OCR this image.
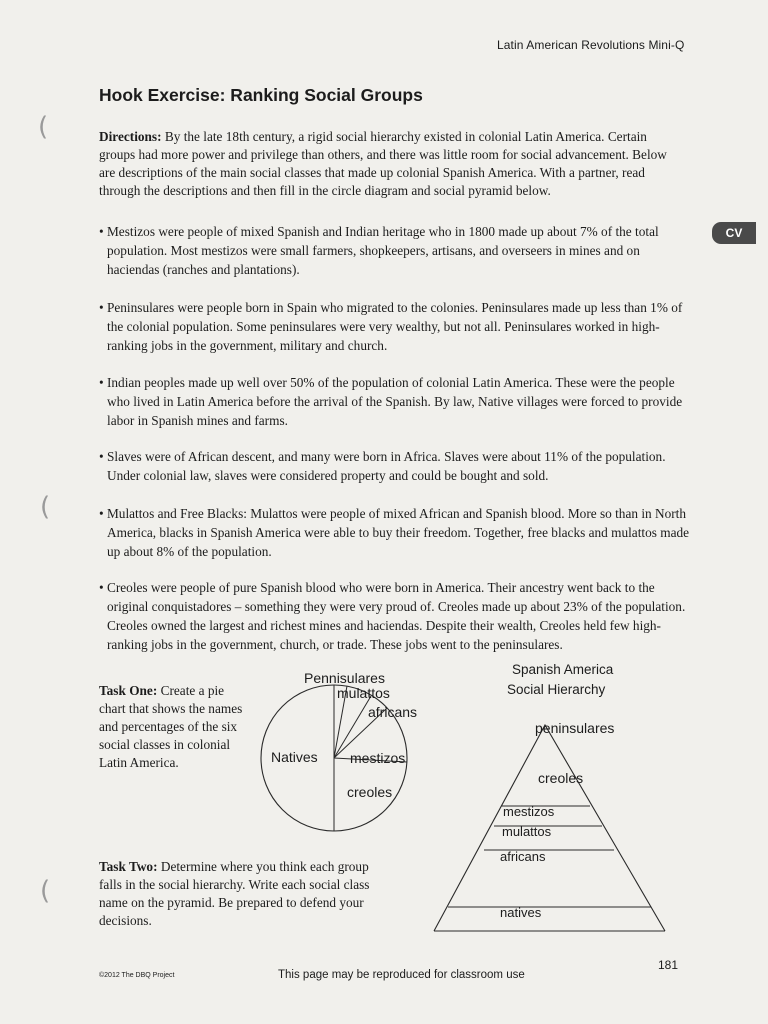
Latin American Revolutions Mini-Q
Hook Exercise: Ranking Social Groups

Directions: By the late 18th century, a rigid social hierarchy existed in colonial Latin America. Certain groups had more power and privilege than others, and there was little room for social advancement. Below are descriptions of the main social classes that made up colonial Spanish America. With a partner, read through the descriptions and then fill in the circle diagram and social pyramid below.

CV

• Mestizos were people of mixed Spanish and Indian heritage who in 1800 made up about 7% of the total population. Most mestizos were small farmers, shopkeepers, artisans, and overseers in mines and on haciendas (ranches and plantations).

• Peninsulares were people born in Spain who migrated to the colonies. Peninsulares made up less than 1% of the colonial population. Some peninsulares were very wealthy, but not all. Peninsulares worked in high-ranking jobs in the government, military and church.

• Indian peoples made up well over 50% of the population of colonial Latin America. These were the people who lived in Latin America before the arrival of the Spanish. By law, Native villages were forced to provide labor in Spanish mines and farms.

• Slaves were of African descent, and many were born in Africa. Slaves were about 11% of the population. Under colonial law, slaves were considered property and could be bought and sold.

• Mulattos and Free Blacks: Mulattos were people of mixed African and Spanish blood. More so than in North America, blacks in Spanish America were able to buy their freedom. Together, free blacks and mulattos made up about 8% of the population.

• Creoles were people of pure Spanish blood who were born in America. Their ancestry went back to the original conquistadores – something they were very proud of. Creoles made up about 23% of the population. Creoles owned the largest and richest mines and haciendas. Despite their wealth, Creoles held few high-ranking jobs in the government, church, or trade. These jobs went to the peninsulares.

Task One: Create a pie chart that shows the names and percentages of the six social classes in colonial Latin America.

Task Two: Determine where you think each group falls in the social hierarchy. Write each social class name on the pyramid. Be prepared to defend your decisions.

(
(
(
Pennisulares
mulattos
africans
Natives mestizos
creoles
Spanish America
Social Hierarchy
peninsulares
creoles
mestizos
mulattos
africans
natives
©2012 The DBQ Project	This page may be reproduced for classroom use
181
